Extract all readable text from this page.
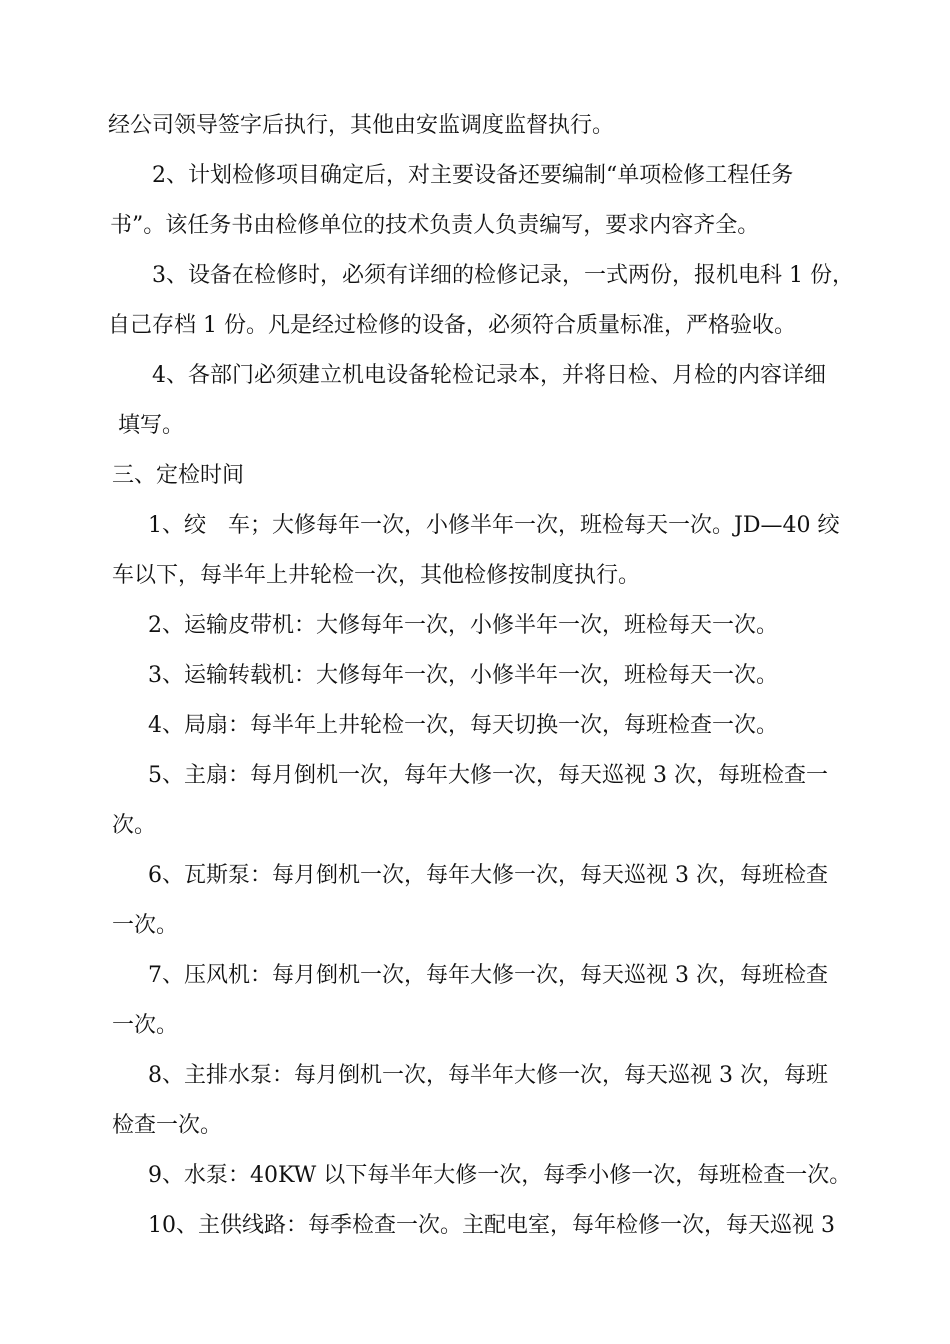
经公司领导签字后执行，其他由安监调度监督执行。
2、计划检修项目确定后，对主要设备还要编制“单项检修工程任务
书”。该任务书由检修单位的技术负责人负责编写，要求内容齐全。
3、设备在检修时，必须有详细的检修记录，一式两份，报机电科 1 份，
自己存档 1 份。凡是经过检修的设备，必须符合质量标准，严格验收。
4、各部门必须建立机电设备轮检记录本，并将日检、月检的内容详细
填写。
三、定检时间
1、绞　车；大修每年一次，小修半年一次，班检每天一次。JD—40 绞
车以下，每半年上井轮检一次，其他检修按制度执行。
2、运输皮带机：大修每年一次，小修半年一次，班检每天一次。
3、运输转载机：大修每年一次，小修半年一次，班检每天一次。
4、局扇：每半年上井轮检一次，每天切换一次，每班检查一次。
5、主扇：每月倒机一次，每年大修一次，每天巡视 3 次，每班检查一
次。
6、瓦斯泵：每月倒机一次，每年大修一次，每天巡视 3 次，每班检查
一次。
7、压风机：每月倒机一次，每年大修一次，每天巡视 3 次，每班检查
一次。
8、主排水泵：每月倒机一次，每半年大修一次，每天巡视 3 次，每班
检查一次。
9、水泵：40KW 以下每半年大修一次，每季小修一次，每班检查一次。
10、主供线路：每季检查一次。主配电室，每年检修一次，每天巡视 3
